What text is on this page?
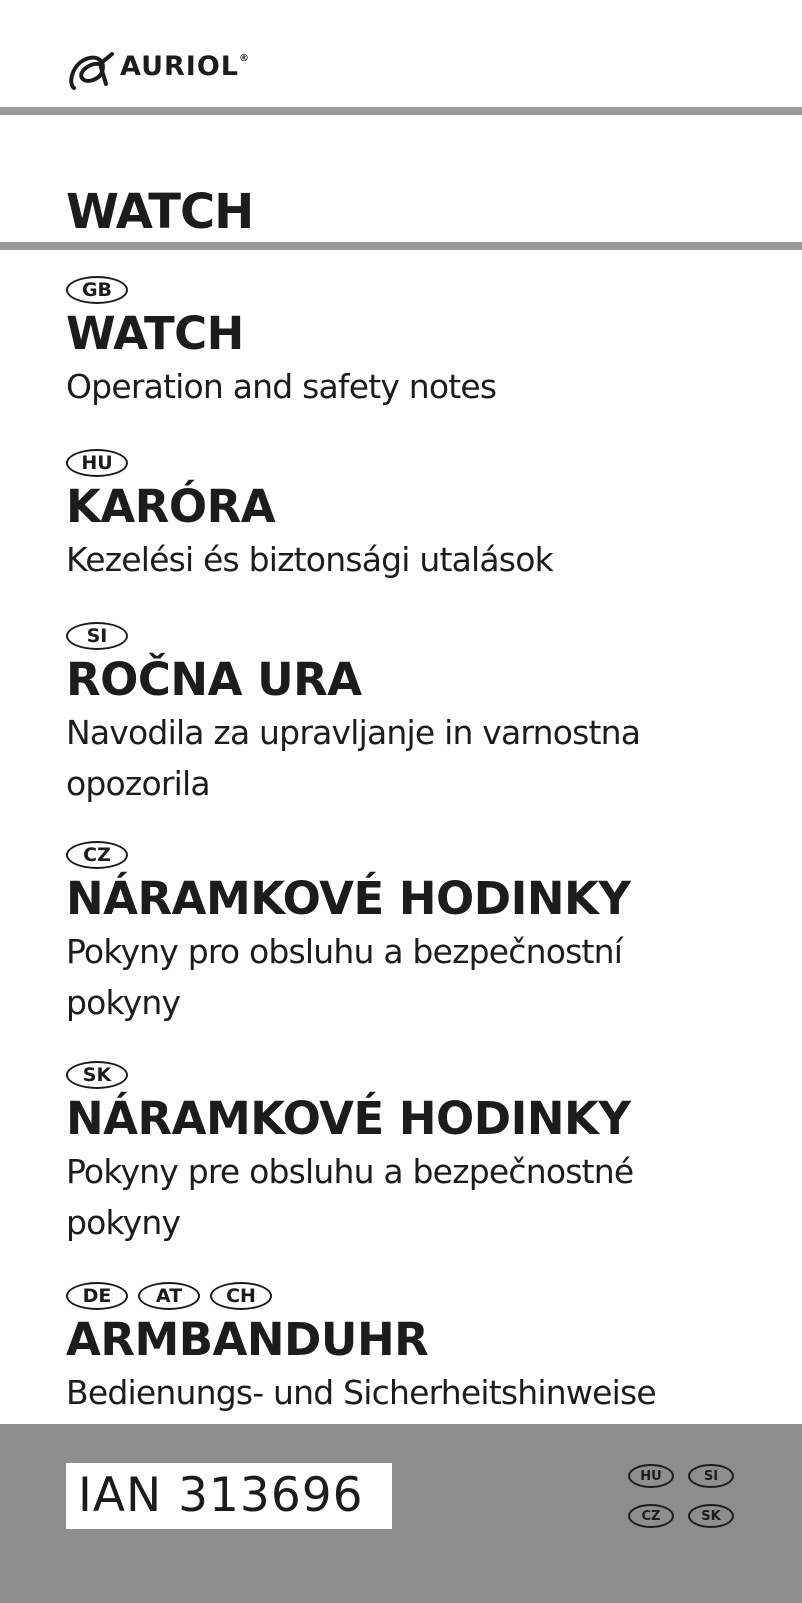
AURIOL®
WATCH
GB
WATCH

Operation and safety notes

HU
KARÓRA

Kezelési és biztonsági utalások

SI
ROČNA URA

Navodila za upravljanje in varnostna opozorila

CZ
NÁRAMKOVÉ HODINKY

Pokyny pro obsluhu a bezpečnostní pokyny

SK
NÁRAMKOVÉ HODINKY

Pokyny pre obsluhu a bezpečnostné pokyny

DE	AT	CH
ARMBANDUHR

Bedienungs- und Sicherheitshinweise

IAN 313696	HU	SI
CZ	SK
